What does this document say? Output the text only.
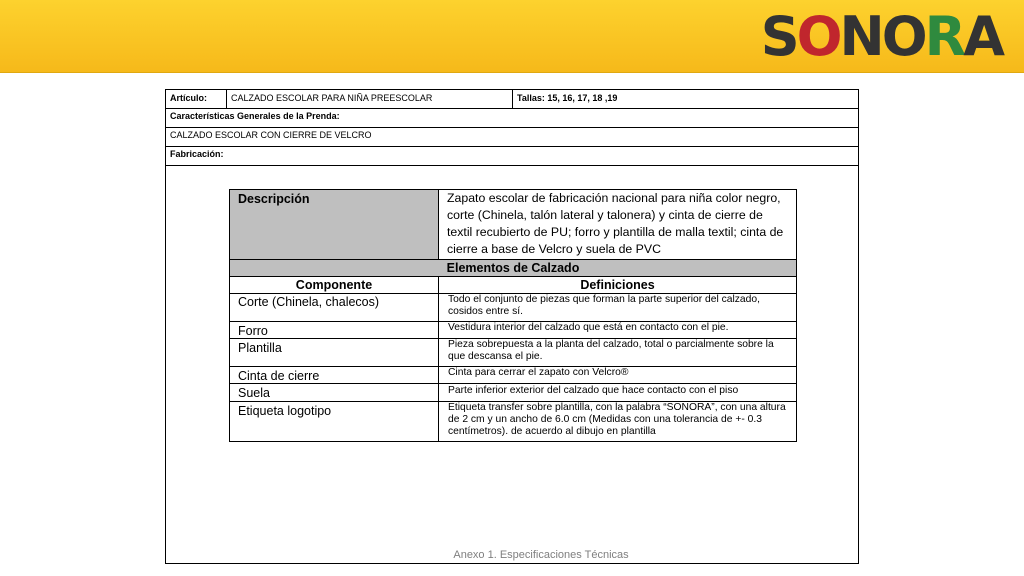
S O N O R A
Artículo:	CALZADO ESCOLAR PARA NIÑA PREESCOLAR	Tallas: 15, 16, 17, 18 ,19
Características Generales de la Prenda:
CALZADO ESCOLAR CON CIERRE DE VELCRO
Fabricación:
Descripción	Zapato escolar de fabricación nacional para niña color negro, corte (Chinela, talón lateral y talonera) y cinta de cierre de textil recubierto de PU; forro y plantilla de malla textil; cinta de cierre a base de Velcro y suela de PVC
Elementos de Calzado
Componente	Definiciones
Corte (Chinela, chalecos)	Todo el conjunto de piezas que forman la parte superior del calzado, cosidos entre sí.
Forro	Vestidura interior del calzado que está en contacto con el pie.
Plantilla	Pieza sobrepuesta a la planta del calzado, total o parcialmente sobre la que descansa el pie.
Cinta de cierre	Cinta para cerrar el zapato con Velcro®
Suela	Parte inferior exterior del calzado que hace contacto con el piso
Etiqueta logotipo	Etiqueta transfer sobre plantilla, con la palabra “SONORA”, con una altura de 2 cm y un ancho de 6.0 cm (Medidas con una tolerancia de +- 0.3 centímetros). de acuerdo al dibujo en plantilla
Anexo 1. Especificaciones Técnicas
